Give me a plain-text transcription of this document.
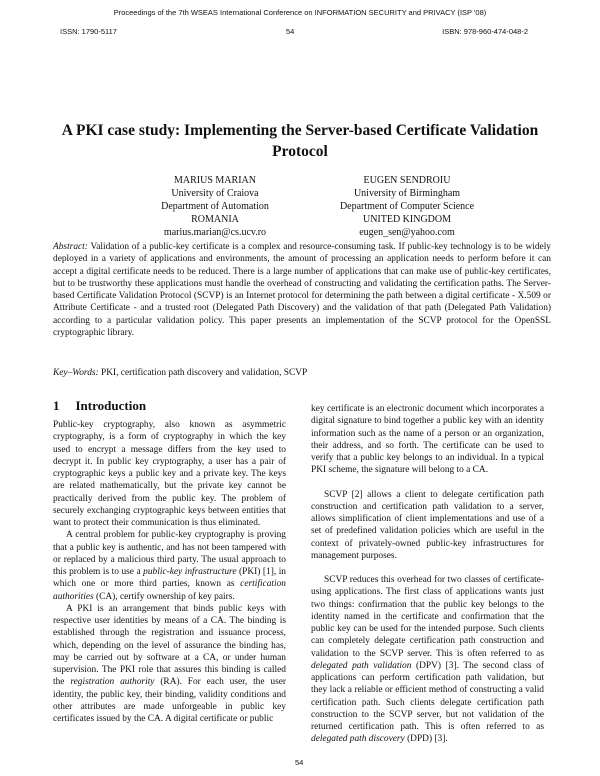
Proceedings of the 7th WSEAS International Conference on INFORMATION SECURITY and PRIVACY (ISP '08)
ISSN: 1790-5117	54	ISBN: 978-960-474-048-2
A PKI case study: Implementing the Server-based Certificate Validation Protocol
MARIUS MARIAN
University of Craiova
Department of Automation
ROMANIA
marius.marian@cs.ucv.ro
EUGEN SENDROIU
University of Birmingham
Department of Computer Science
UNITED KINGDOM
eugen_sen@yahoo.com
Abstract: Validation of a public-key certificate is a complex and resource-consuming task. If public-key technology is to be widely deployed in a variety of applications and environments, the amount of processing an application needs to perform before it can accept a digital certificate needs to be reduced. There is a large number of applications that can make use of public-key certificates, but to be trustworthy these applications must handle the overhead of constructing and validating the certification paths. The Server-based Certificate Validation Protocol (SCVP) is an Internet protocol for determining the path between a digital certificate - X.509 or Attribute Certificate - and a trusted root (Delegated Path Discovery) and the validation of that path (Delegated Path Validation) according to a particular validation policy. This paper presents an implementation of the SCVP protocol for the OpenSSL cryptographic library.
Key–Words: PKI, certification path discovery and validation, SCVP
1 Introduction

Public-key cryptography, also known as asymmetric cryptography, is a form of cryptography in which the key used to encrypt a message differs from the key used to decrypt it. In public key cryptography, a user has a pair of cryptographic keys a public key and a private key. The keys are related mathematically, but the private key cannot be practically derived from the public key. The problem of securely exchanging cryptographic keys between entities that want to protect their communication is thus eliminated.

A central problem for public-key cryptography is proving that a public key is authentic, and has not been tampered with or replaced by a malicious third party. The usual approach to this problem is to use a public-key infrastructure (PKI) [1], in which one or more third parties, known as certification authorities (CA), certify ownership of key pairs.

A PKI is an arrangement that binds public keys with respective user identities by means of a CA. The binding is established through the registration and issuance process, which, depending on the level of assurance the binding has, may be carried out by software at a CA, or under human supervision. The PKI role that assures this binding is called the registration authority (RA). For each user, the user identity, the public key, their binding, validity conditions and other attributes are made unforgeable in public key certificates issued by the CA. A digital certificate or public

key certificate is an electronic document which incorporates a digital signature to bind together a public key with an identity information such as the name of a person or an organization, their address, and so forth. The certificate can be used to verify that a public key belongs to an individual. In a typical PKI scheme, the signature will belong to a CA.

SCVP [2] allows a client to delegate certification path construction and certification path validation to a server, allows simplification of client implementations and use of a set of predefined validation policies which are useful in the context of privately-owned public-key infrastructures for management purposes.

SCVP reduces this overhead for two classes of certificate-using applications. The first class of applications wants just two things: confirmation that the public key belongs to the identity named in the certificate and confirmation that the public key can be used for the intended purpose. Such clients can completely delegate certification path construction and validation to the SCVP server. This is often referred to as delegated path validation (DPV) [3]. The second class of applications can perform certification path validation, but they lack a reliable or efficient method of constructing a valid certification path. Such clients delegate certification path construction to the SCVP server, but not validation of the returned certification path. This is often referred to as delegated path discovery (DPD) [3].

54
